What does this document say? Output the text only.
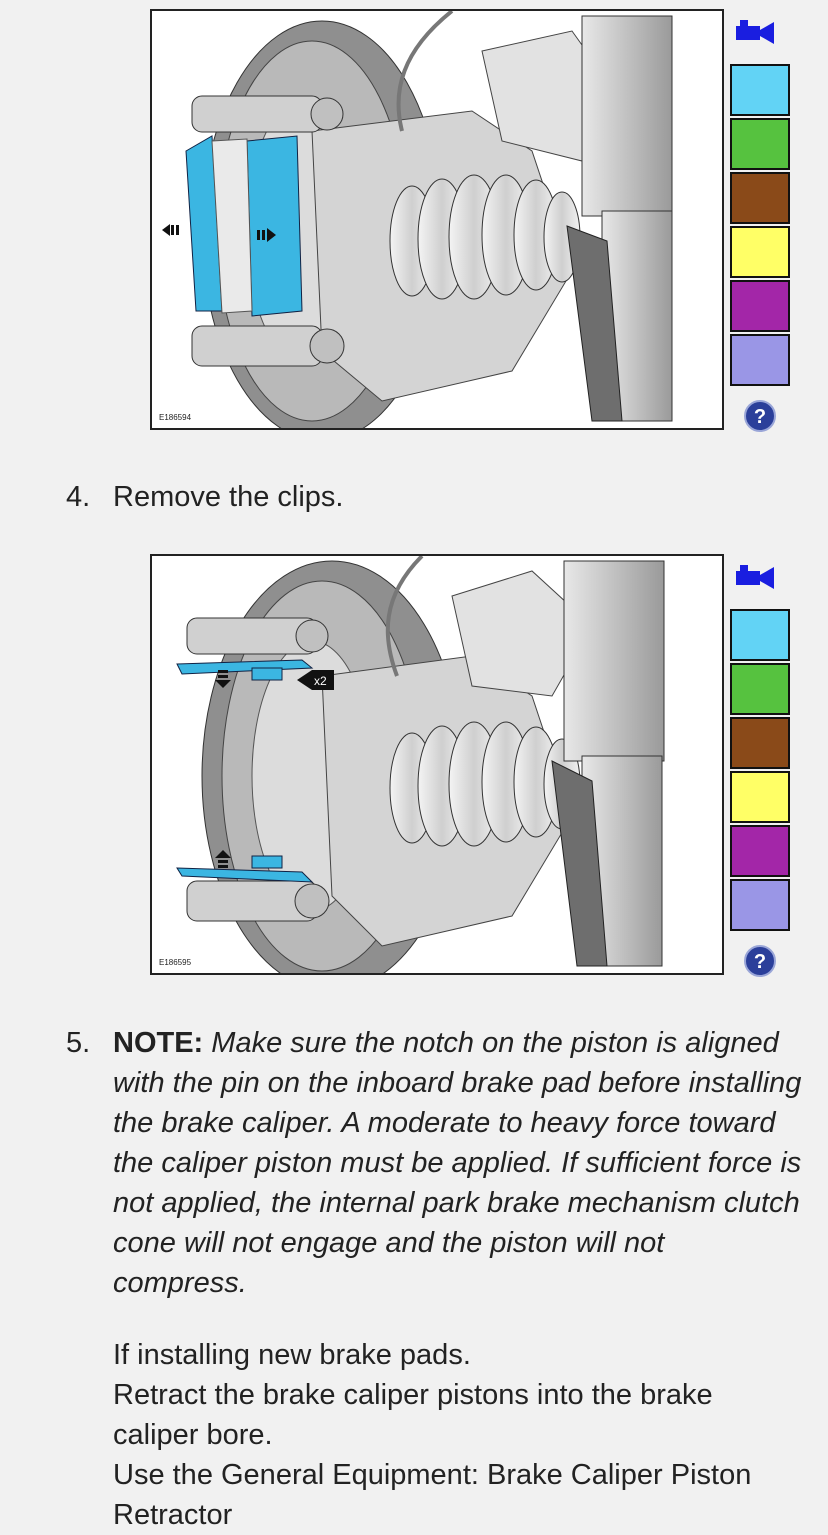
E186594	?
4. Remove the clips.
x2
E186595	?
5. NOTE: Make sure the notch on the piston is aligned with the pin on the inboard brake pad before installing the brake caliper. A moderate to heavy force toward the caliper piston must be applied. If sufficient force is not applied, the internal park brake mechanism clutch cone will not engage and the piston will not compress.
If installing new brake pads.
Retract the brake caliper pistons into the brake caliper bore.
Use the General Equipment: Brake Caliper Piston Retractor
